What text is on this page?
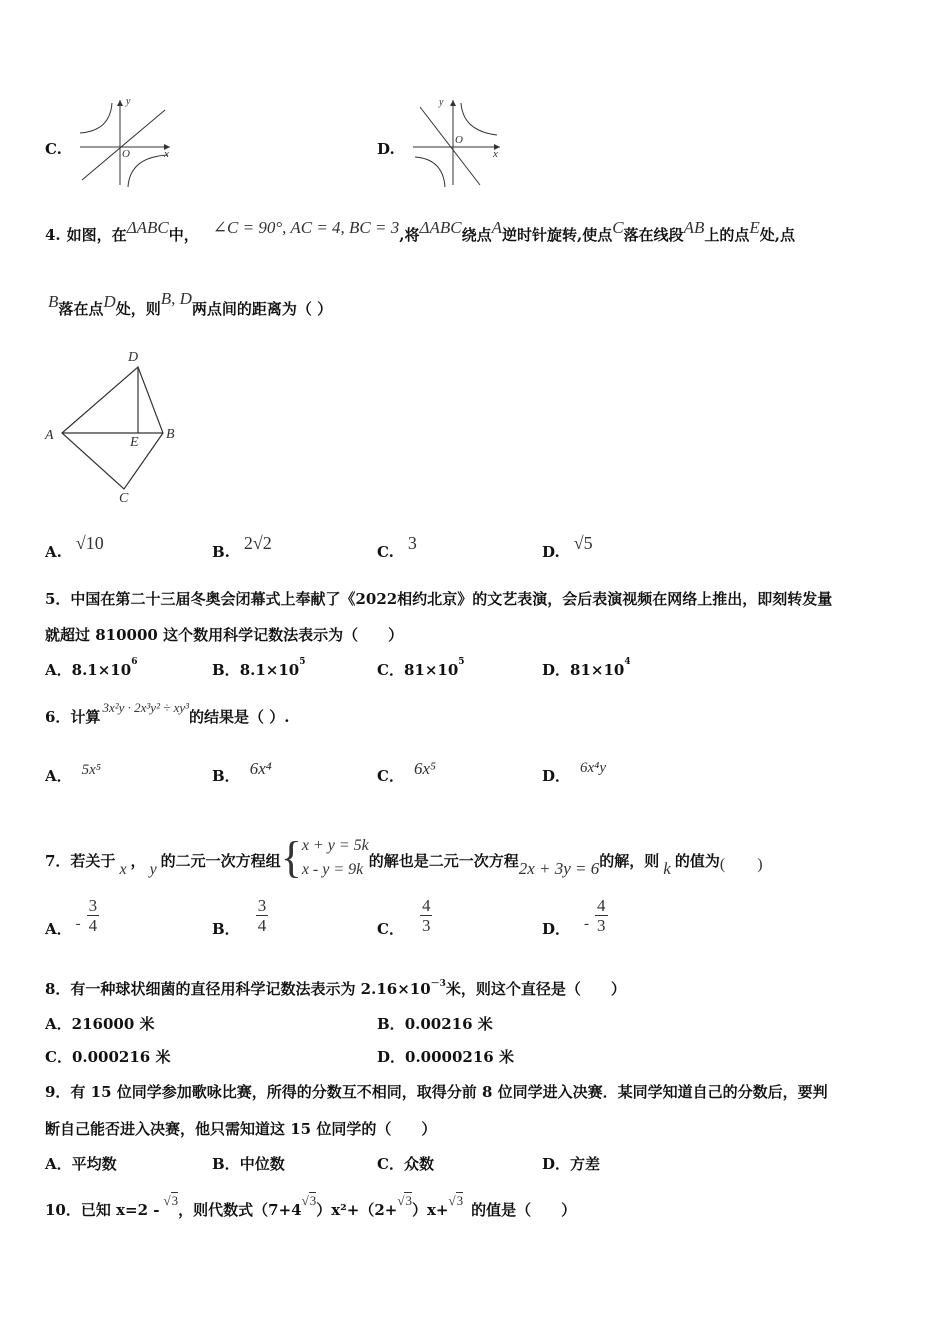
C.
y
x
O	D.
y
x
O
4. 如图，在ΔABC中， ∠C = 90°, AC = 4, BC = 3,将ΔABC绕点A逆时针旋转,使点C落在线段AB上的点E处,点
B落在点D处，则B, D两点间的距离为（ ）
A	B
C
D
E
A. √10	B. 2√2	C. 3	D. √5
5．中国在第二十三届冬奥会闭幕式上奉献了《2022相约北京》的文艺表演，会后表演视频在网络上推出，即刻转发量
就超过 810000 这个数用科学记数法表示为（　　）
A．$8.1\times 10^6$	B．$8.1\times 10^5$	C．$81\times 10^5$	D．$81\times 10^4$
6．计算3x²y · 2x³y² ÷ xy³的结果是（ ）.
A． 5x⁵	B． 6x⁴	C． 6x⁵	D． 6x⁴y
7．若关于 x ， y 的二元一次方程组{ x + y = 5k
x - y = 9k 的解也是二元一次方程2x + 3y = 6的解，则 k 的值为(　　)
A． - $\frac{3}{4}$	B． $\frac{3}{4}$	C． $\frac{4}{3}$	D． - $\frac{4}{3}$
8．有一种球状细菌的直径用科学记数法表示为 $2.16\times 10^{-3}$米，则这个直径是（　　）
A．216000 米	B．0.00216 米
C．0.000216 米	D．0.0000216 米
9．有 15 位同学参加歌咏比赛，所得的分数互不相同，取得分前 8 位同学进入决赛．某同学知道自己的分数后，要判
断自己能否进入决赛，他只需知道这 15 位同学的（　　）
A．平均数	B．中位数	C．众数	D．方差
10．已知 x=2 -√3，则代数式（7+4√3）x²+（2+√3）x+√3的值是（　　）
